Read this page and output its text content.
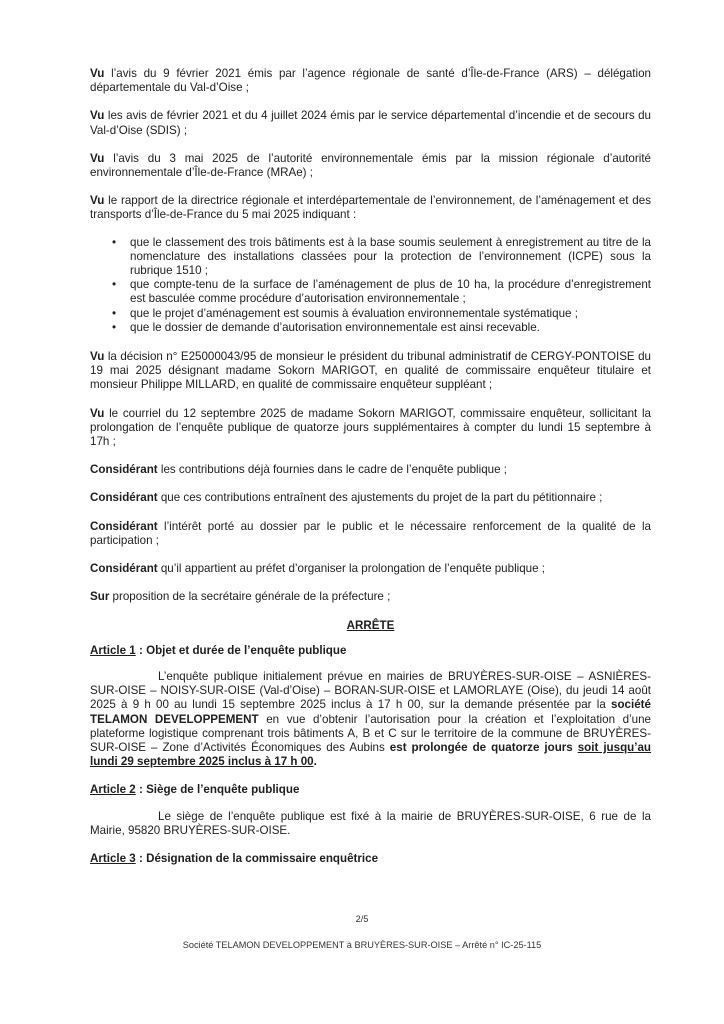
Vu l’avis du 9 février 2021 émis par l’agence régionale de santé d’Île-de-France (ARS) – délégation départementale du Val-d’Oise ;

Vu les avis de février 2021 et du 4 juillet 2024 émis par le service départemental d’incendie et de secours du Val-d’Oise (SDIS) ;

Vu l’avis du 3 mai 2025 de l’autorité environnementale émis par la mission régionale d’autorité environnementale d’Île-de-France (MRAe) ;

Vu le rapport de la directrice régionale et interdépartementale de l’environnement, de l’aménagement et des transports d’Île-de-France du 5 mai 2025 indiquant :

• que le classement des trois bâtiments est à la base soumis seulement à enregistrement au titre de la nomenclature des installations classées pour la protection de l’environnement (ICPE) sous la rubrique 1510 ;
• que compte-tenu de la surface de l’aménagement de plus de 10 ha, la procédure d’enregistrement est basculée comme procédure d’autorisation environnementale ;
• que le projet d’aménagement est soumis à évaluation environnementale systématique ;
• que le dossier de demande d’autorisation environnementale est ainsi recevable.

Vu la décision n° E25000043/95 de monsieur le président du tribunal administratif de CERGY-PONTOISE du 19 mai 2025 désignant madame Sokorn MARIGOT, en qualité de commissaire enquêteur titulaire et monsieur Philippe MILLARD, en qualité de commissaire enquêteur suppléant ;

Vu le courriel du 12 septembre 2025 de madame Sokorn MARIGOT, commissaire enquêteur, sollicitant la prolongation de l’enquête publique de quatorze jours supplémentaires à compter du lundi 15 septembre à 17h ;

Considérant les contributions déjà fournies dans le cadre de l’enquête publique ;

Considérant que ces contributions entraînent des ajustements du projet de la part du pétitionnaire ;

Considérant l’intérêt porté au dossier par le public et le nécessaire renforcement de la qualité de la participation ;

Considérant qu’il appartient au préfet d’organiser la prolongation de l’enquête publique ;

Sur proposition de la secrétaire générale de la préfecture ;

ARRÊTE
Article 1 : Objet et durée de l’enquête publique

L’enquête publique initialement prévue en mairies de BRUYÈRES-SUR-OISE – ASNIÈRES-SUR-OISE – NOISY-SUR-OISE (Val-d’Oise) – BORAN-SUR-OISE et LAMORLAYE (Oise), du jeudi 14 août 2025 à 9 h 00 au lundi 15 septembre 2025 inclus à 17 h 00, sur la demande présentée par la société TELAMON DEVELOPPEMENT en vue d’obtenir l’autorisation pour la création et l’exploitation d’une plateforme logistique comprenant trois bâtiments A, B et C sur le territoire de la commune de BRUYÈRES-SUR-OISE – Zone d’Activités Économiques des Aubins est prolongée de quatorze jours soit jusqu’au lundi 29 septembre 2025 inclus à 17 h 00.

Article 2 : Siège de l’enquête publique

Le siège de l’enquête publique est fixé à la mairie de BRUYÈRES-SUR-OISE, 6 rue de la Mairie, 95820 BRUYÈRES-SUR-OISE.

Article 3 : Désignation de la commissaire enquêtrice
2/5
Société TELAMON DEVELOPPEMENT à BRUYÈRES-SUR-OISE – Arrêté n° IC-25-115
